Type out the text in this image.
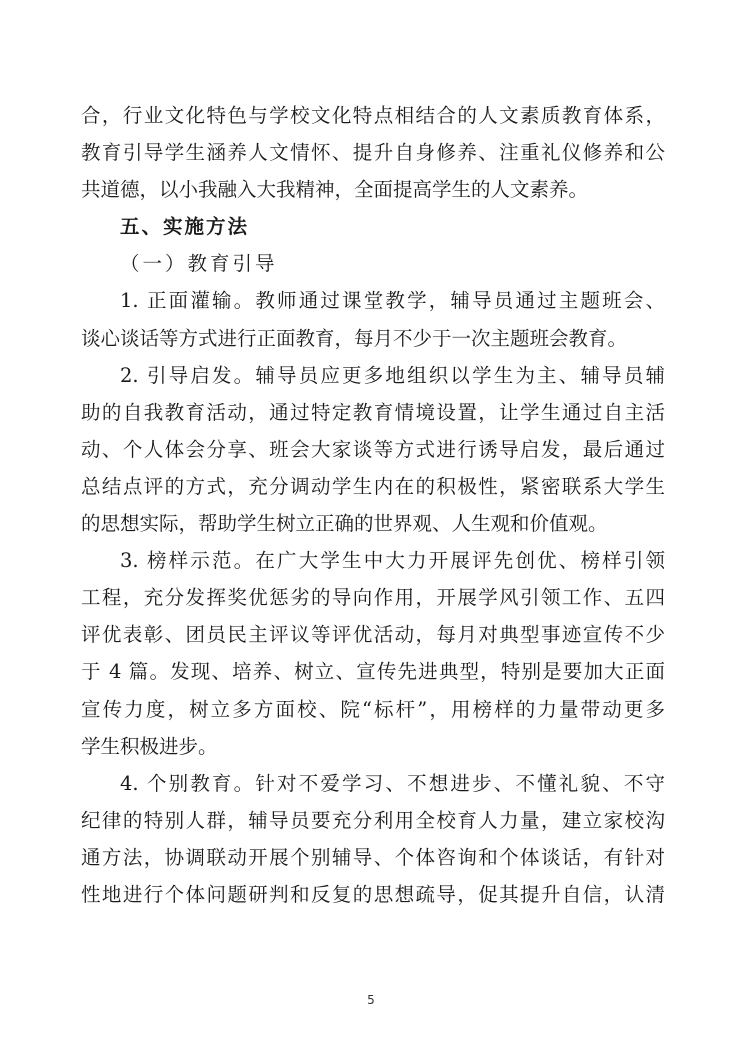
合，行业文化特色与学校文化特点相结合的人文素质教育体系，
教育引导学生涵养人文情怀、提升自身修养、注重礼仪修养和公
共道德，以小我融入大我精神，全面提高学生的人文素养。
五、实施方法
（一）教育引导
1. 正面灌输。教师通过课堂教学，辅导员通过主题班会、
谈心谈话等方式进行正面教育，每月不少于一次主题班会教育。
2. 引导启发。辅导员应更多地组织以学生为主、辅导员辅
助的自我教育活动，通过特定教育情境设置，让学生通过自主活
动、个人体会分享、班会大家谈等方式进行诱导启发，最后通过
总结点评的方式，充分调动学生内在的积极性，紧密联系大学生
的思想实际，帮助学生树立正确的世界观、人生观和价值观。
3. 榜样示范。在广大学生中大力开展评先创优、榜样引领
工程，充分发挥奖优惩劣的导向作用，开展学风引领工作、五四
评优表彰、团员民主评议等评优活动，每月对典型事迹宣传不少
于 4 篇。发现、培养、树立、宣传先进典型，特别是要加大正面
宣传力度，树立多方面校、院“标杆”，用榜样的力量带动更多
学生积极进步。
4. 个别教育。针对不爱学习、不想进步、不懂礼貌、不守
纪律的特别人群，辅导员要充分利用全校育人力量，建立家校沟
通方法，协调联动开展个别辅导、个体咨询和个体谈话，有针对
性地进行个体问题研判和反复的思想疏导，促其提升自信，认清
5
